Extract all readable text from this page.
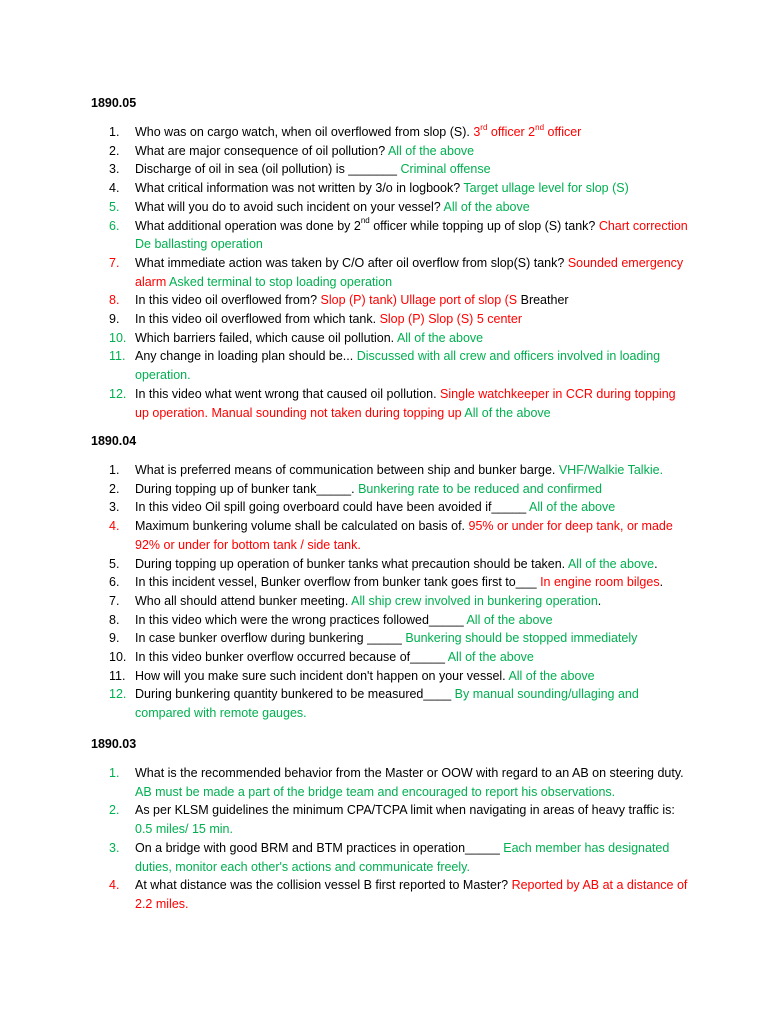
1890.05
1.	Who was on cargo watch, when oil overflowed from slop (S). 3rd officer 2nd officer
2.	What are major consequence of oil pollution? All of the above
3.	Discharge of oil in sea (oil pollution) is _______ Criminal offense
4.	What critical information was not written by 3/o in logbook? Target ullage level for slop (S)
5.	What will you do to avoid such incident on your vessel? All of the above
6.	What additional operation was done by 2nd officer while topping up of slop (S) tank? Chart correction De ballasting operation
7.	What immediate action was taken by C/O after oil overflow from slop(S) tank? Sounded emergency alarm Asked terminal to stop loading operation
8.	In this video oil overflowed from? Slop (P) tank) Ullage port of slop (S Breather
9.	In this video oil overflowed from which tank. Slop (P) Slop (S) 5 center
10. Which barriers failed, which cause oil pollution. All of the above
11. Any change in loading plan should be... Discussed with all crew and officers involved in loading operation.
12. In this video what went wrong that caused oil pollution. Single watchkeeper in CCR during topping up operation. Manual sounding not taken during topping up All of the above
1890.04
1.	What is preferred means of communication between ship and bunker barge. VHF/Walkie Talkie.
2.	During topping up of bunker tank_____. Bunkering rate to be reduced and confirmed
3.	In this video Oil spill going overboard could have been avoided if_____ All of the above
4.	Maximum bunkering volume shall be calculated on basis of. 95% or under for deep tank, or made 92% or under for bottom tank / side tank.
5.	During topping up operation of bunker tanks what precaution should be taken. All of the above.
6.	In this incident vessel, Bunker overflow from bunker tank goes first to___ In engine room bilges.
7.	Who all should attend bunker meeting. All ship crew involved in bunkering operation.
8.	In this video which were the wrong practices followed_____ All of the above
9.	In case bunker overflow during bunkering _____ Bunkering should be stopped immediately
10. In this video bunker overflow occurred because of_____ All of the above
11. How will you make sure such incident don't happen on your vessel. All of the above
12. During bunkering quantity bunkered to be measured____ By manual sounding/ullaging and compared with remote gauges.
1890.03
1.	What is the recommended behavior from the Master or OOW with regard to an AB on steering duty. AB must be made a part of the bridge team and encouraged to report his observations.
2.	As per KLSM guidelines the minimum CPA/TCPA limit when navigating in areas of heavy traffic is: 0.5 miles/ 15 min.
3.	On a bridge with good BRM and BTM practices in operation_____ Each member has designated duties, monitor each other's actions and communicate freely.
4.	At what distance was the collision vessel B first reported to Master? Reported by AB at a distance of 2.2 miles.
